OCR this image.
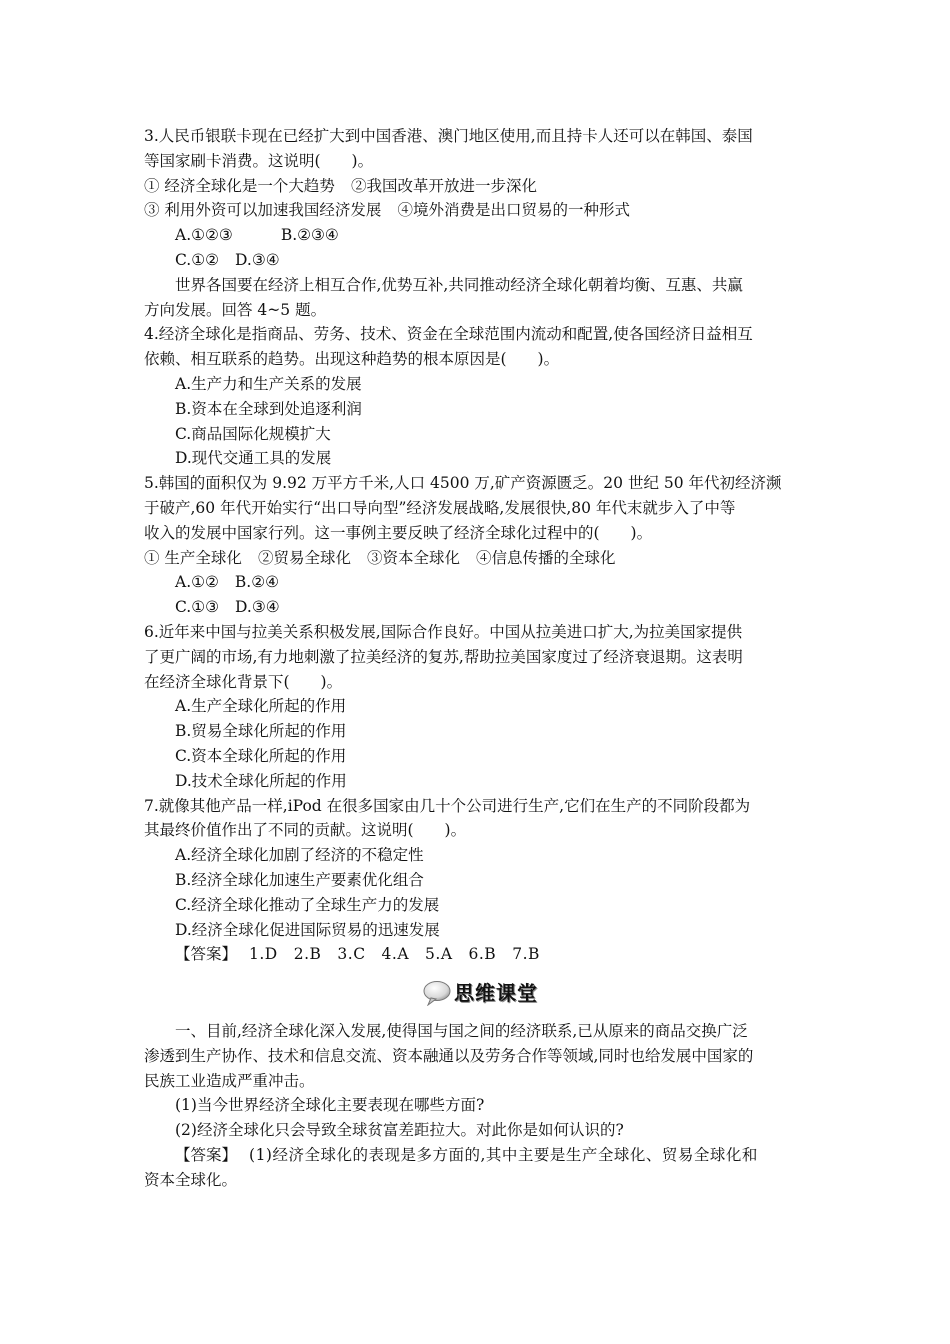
3.人民币银联卡现在已经扩大到中国香港、澳门地区使用,而且持卡人还可以在韩国、泰国
等国家刷卡消费。这说明(　　)。
① 经济全球化是一个大趋势 ②我国改革开放进一步深化
③ 利用外资可以加速我国经济发展 ④境外消费是出口贸易的一种形式
A.①②③	B.②③④
C.①② D.③④
世界各国要在经济上相互合作,优势互补,共同推动经济全球化朝着均衡、互惠、共赢
方向发展。回答 4~5 题。
4.经济全球化是指商品、劳务、技术、资金在全球范围内流动和配置,使各国经济日益相互
依赖、相互联系的趋势。出现这种趋势的根本原因是(　　)。
A.生产力和生产关系的发展
B.资本在全球到处追逐利润
C.商品国际化规模扩大
D.现代交通工具的发展
5.韩国的面积仅为 9.92 万平方千米,人口 4500 万,矿产资源匮乏。20 世纪 50 年代初经济濒
于破产,60 年代开始实行“出口导向型”经济发展战略,发展很快,80 年代末就步入了中等
收入的发展中国家行列。这一事例主要反映了经济全球化过程中的(　　)。
① 生产全球化 ②贸易全球化 ③资本全球化 ④信息传播的全球化
A.①② B.②④
C.①③ D.③④
6.近年来中国与拉美关系积极发展,国际合作良好。中国从拉美进口扩大,为拉美国家提供
了更广阔的市场,有力地刺激了拉美经济的复苏,帮助拉美国家度过了经济衰退期。这表明
在经济全球化背景下(　　)。
A.生产全球化所起的作用
B.贸易全球化所起的作用
C.资本全球化所起的作用
D.技术全球化所起的作用
7.就像其他产品一样,iPod 在很多国家由几十个公司进行生产,它们在生产的不同阶段都为
其最终价值作出了不同的贡献。这说明(　　)。
A.经济全球化加剧了经济的不稳定性
B.经济全球化加速生产要素优化组合
C.经济全球化推动了全球生产力的发展
D.经济全球化促进国际贸易的迅速发展
【答案】 1.D　2.B　3.C　4.A　5.A　6.B　7.B
思维课堂
一、目前,经济全球化深入发展,使得国与国之间的经济联系,已从原来的商品交换广泛
渗透到生产协作、技术和信息交流、资本融通以及劳务合作等领域,同时也给发展中国家的
民族工业造成严重冲击。
(1)当今世界经济全球化主要表现在哪些方面?
(2)经济全球化只会导致全球贫富差距拉大。对此你是如何认识的?
【答案】 (1)经济全球化的表现是多方面的,其中主要是生产全球化、贸易全球化和
资本全球化。
